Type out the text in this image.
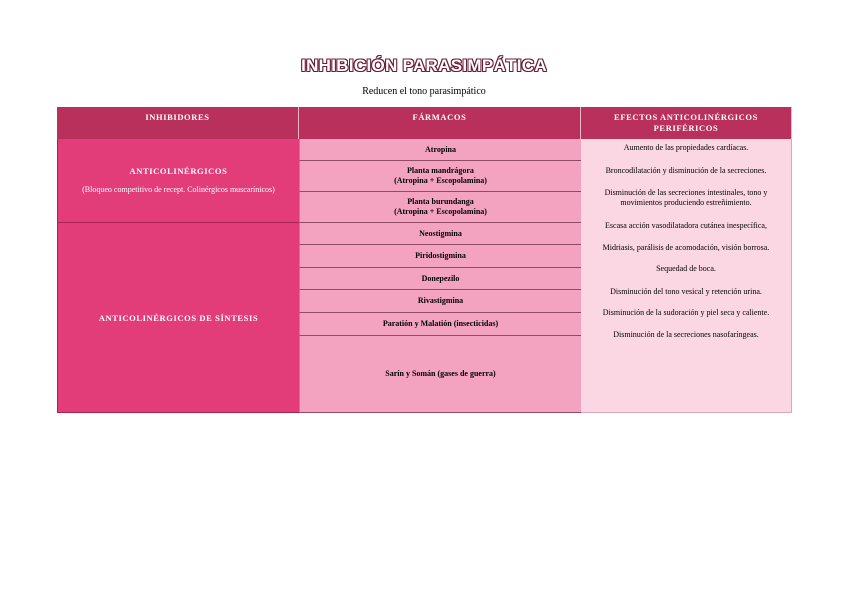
INHIBICIÓN PARASIMPÁTICA
Reducen el tono parasimpático
INHIBIDORES	FÁRMACOS	EFECTOS ANTICOLINÉRGICOS PERIFÉRICOS
ANTICOLINÉRGICOS
(Bloqueo competitivo de recept. Colinérgicos muscarínicos)
ANTICOLINÉRGICOS DE SÍNTESIS
Atropina
Planta mandrágora
(Atropina + Escopolamina)
Planta burundanga
(Atropina + Escopolamina)
Neostigmina
Piridostigmina
Donepezilo
Rivastigmina
Paratión y Malatión (insecticidas)
Sarín y Somán (gases de guerra)

Aumento de las propiedades cardíacas.

Broncodilatación y disminución de la secreciones.

Disminución de las secreciones intestinales, tono y movimientos produciendo estreñimiento.

Escasa acción vasodilatadora cutánea inespecífica,

Midriasis, parálisis de acomodación, visión borrosa.

Sequedad de boca.

Disminución del tono vesical y retención urina.

Disminución de la sudoración y piel seca y caliente.

Disminución de la secreciones nasofaríngeas.
